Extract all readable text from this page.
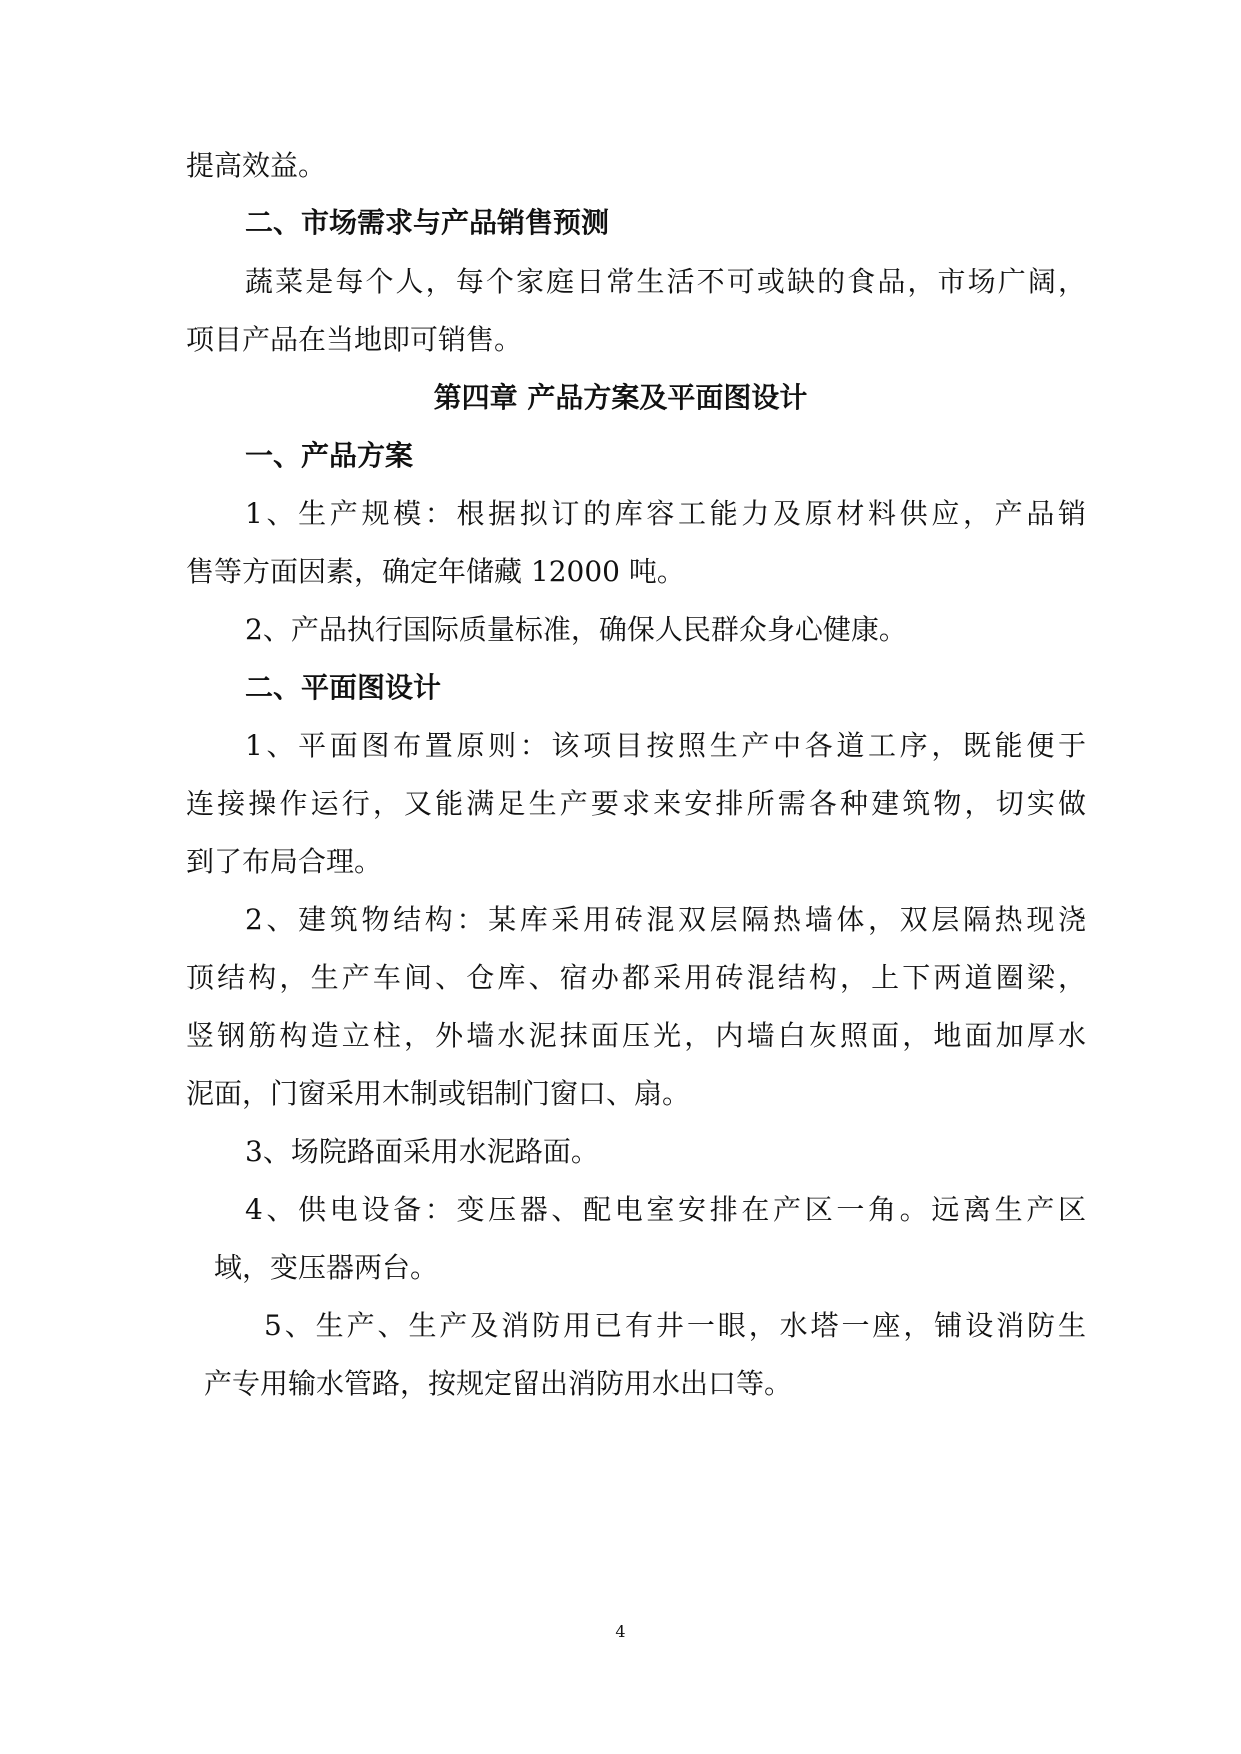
提高效益。
二、市场需求与产品销售预测
蔬菜是每个人，每个家庭日常生活不可或缺的食品，市场广阔，
项目产品在当地即可销售。
第四章 产品方案及平面图设计
一、产品方案
1、生产规模：根据拟订的库容工能力及原材料供应，产品销
售等方面因素，确定年储藏 12000 吨。
2、产品执行国际质量标准，确保人民群众身心健康。
二、平面图设计
1、平面图布置原则：该项目按照生产中各道工序，既能便于
连接操作运行，又能满足生产要求来安排所需各种建筑物，切实做
到了布局合理。
2、建筑物结构：某库采用砖混双层隔热墙体，双层隔热现浇
顶结构，生产车间、仓库、宿办都采用砖混结构，上下两道圈梁，
竖钢筋构造立柱，外墙水泥抹面压光，内墙白灰照面，地面加厚水
泥面，门窗采用木制或铝制门窗口、扇。
3、场院路面采用水泥路面。
4、供电设备：变压器、配电室安排在产区一角。远离生产区
域，变压器两台。
5、生产、生产及消防用已有井一眼，水塔一座，铺设消防生
产专用输水管路，按规定留出消防用水出口等。
4
